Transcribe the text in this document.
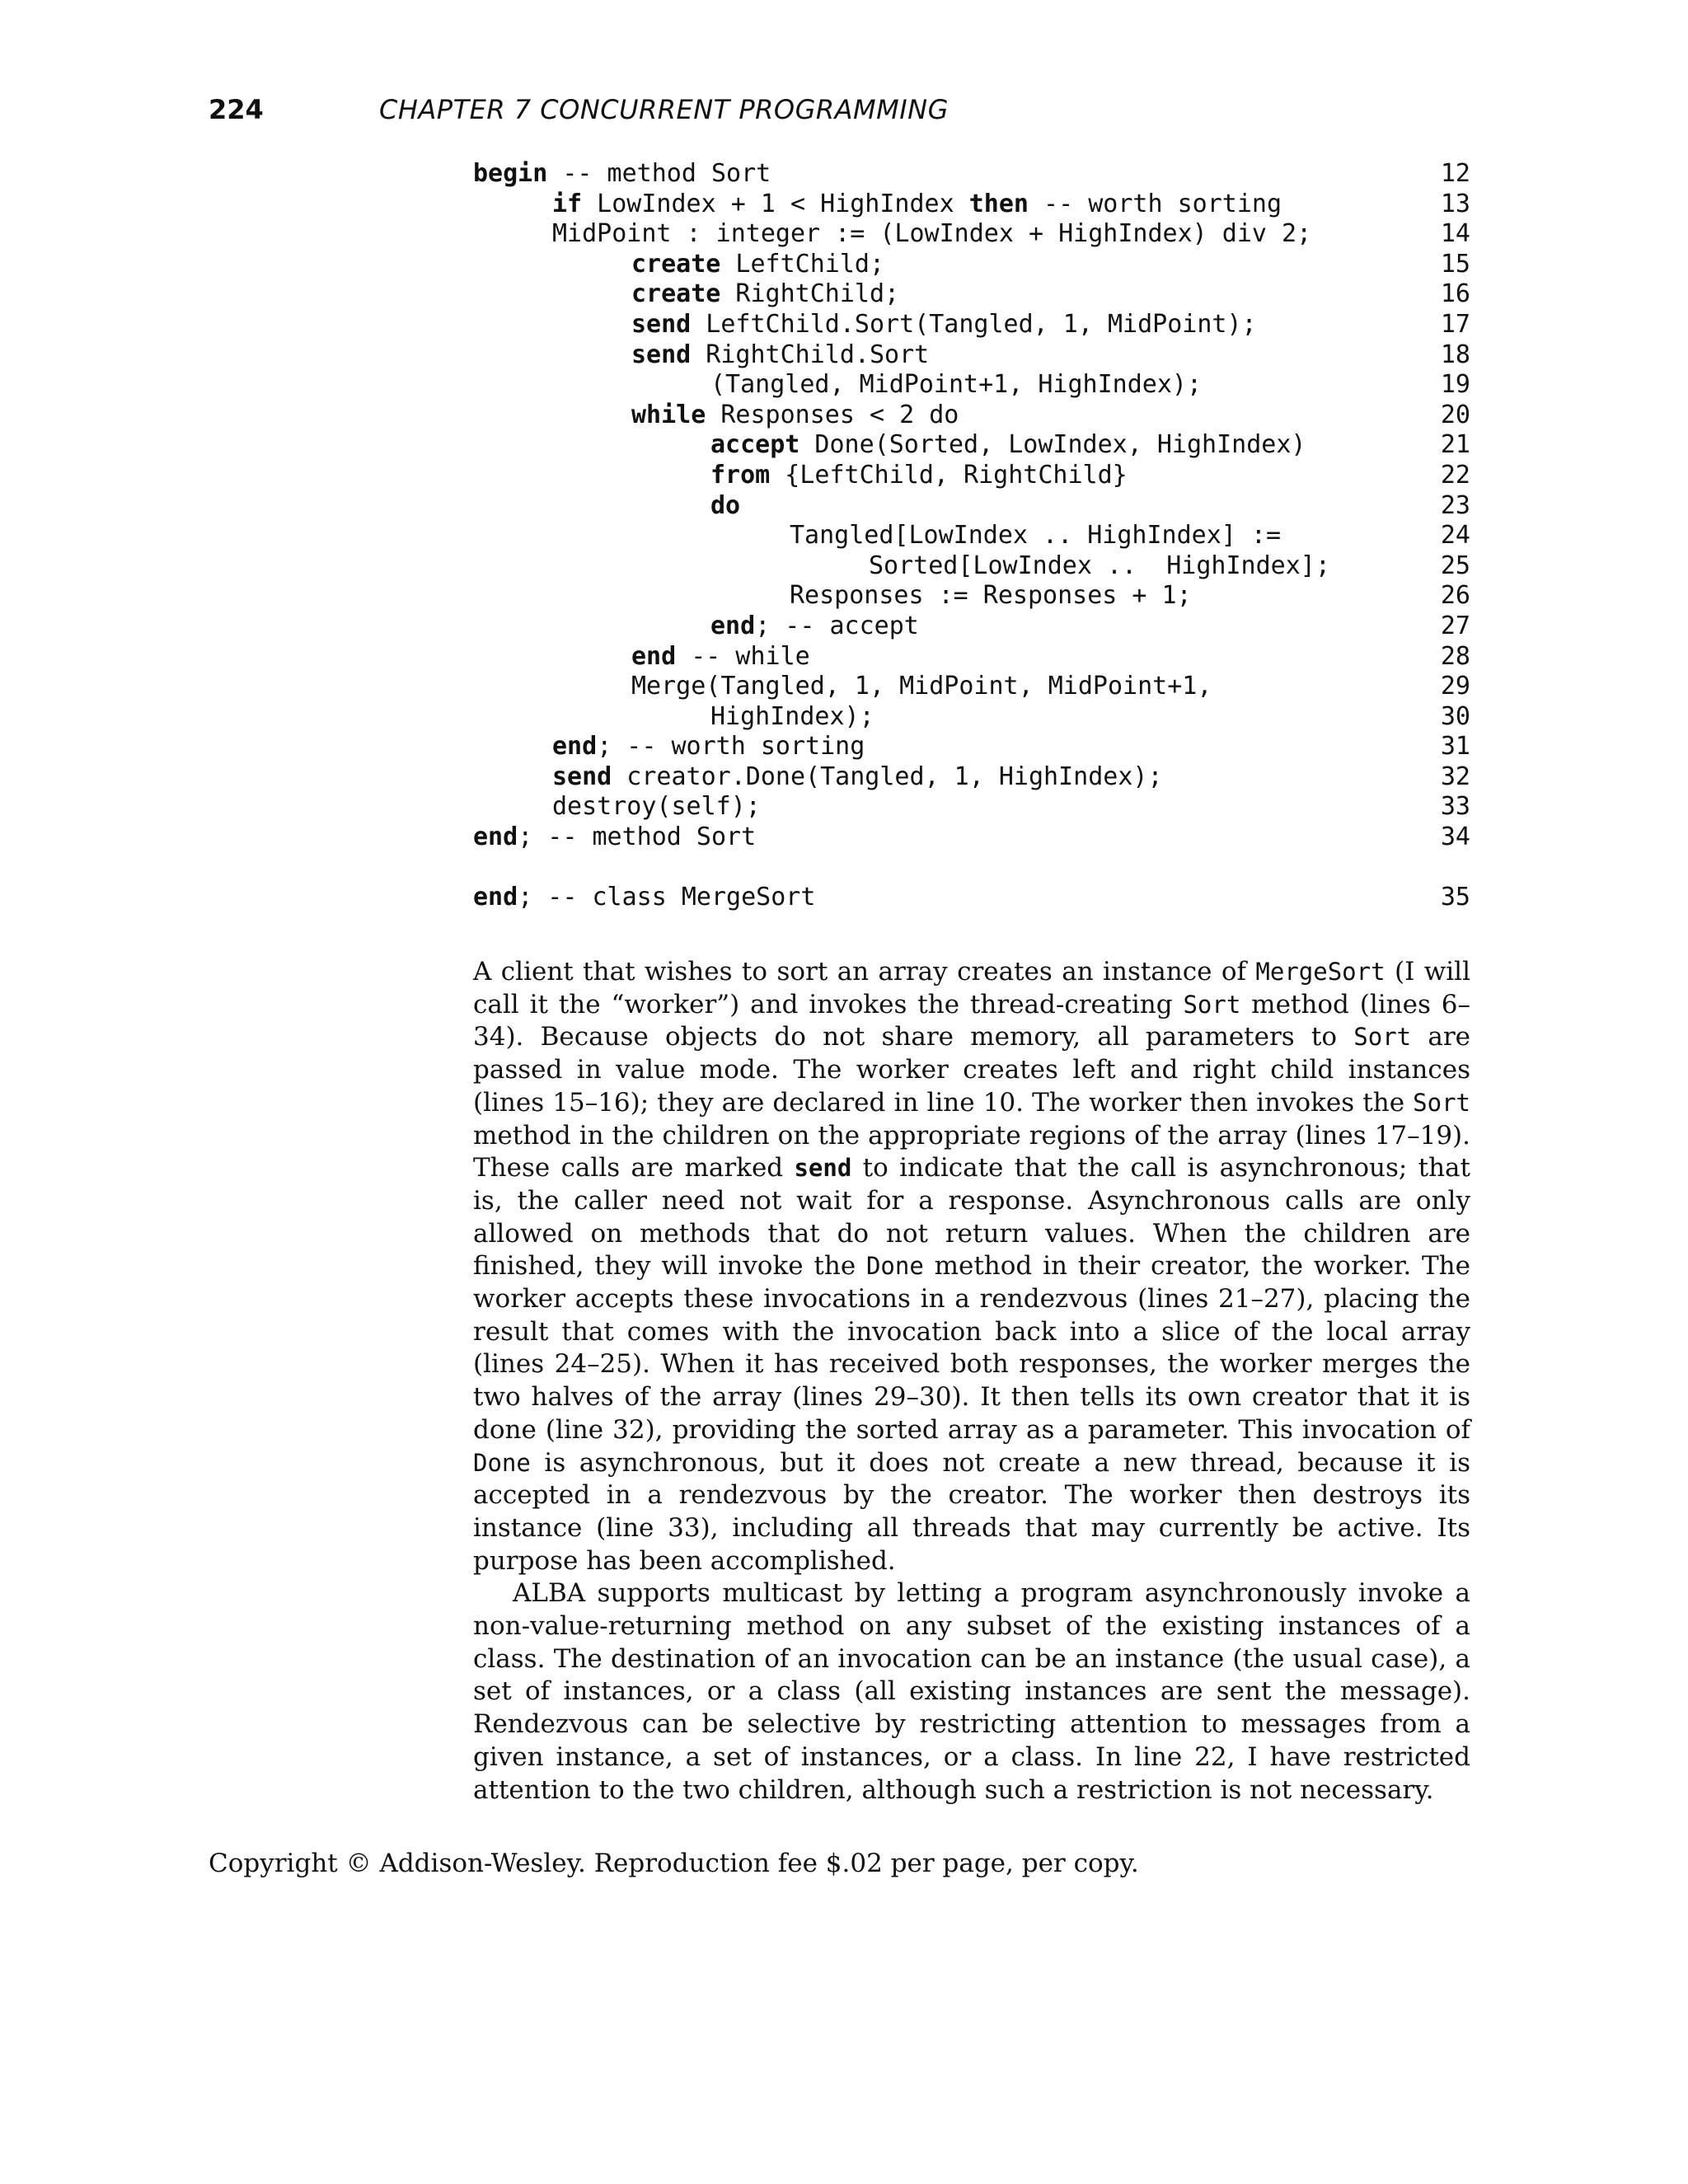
224	CHAPTER 7 CONCURRENT PROGRAMMING
begin -- method Sort	12
if LowIndex + 1 < HighIndex then -- worth sorting	13
MidPoint : integer := (LowIndex + HighIndex) div 2;	14
create LeftChild;	15
create RightChild;	16
send LeftChild.Sort(Tangled, 1, MidPoint);	17
send RightChild.Sort	18
(Tangled, MidPoint+1, HighIndex);	19
while Responses < 2 do	20
accept Done(Sorted, LowIndex, HighIndex)	21
from {LeftChild, RightChild}	22
do	23
Tangled[LowIndex .. HighIndex] :=	24
Sorted[LowIndex ..  HighIndex];	25
Responses := Responses + 1;	26
end; -- accept	27
end -- while	28
Merge(Tangled, 1, MidPoint, MidPoint+1,	29
HighIndex);	30
end; -- worth sorting	31
send creator.Done(Tangled, 1, HighIndex);	32
destroy(self);	33
end; -- method Sort	34
end; -- class MergeSort	35

A client that wishes to sort an array creates an instance of MergeSort (I will call it the “worker”) and invokes the thread-creating Sort method (lines 6–34). Because objects do not share memory, all parameters to Sort are passed in value mode. The worker creates left and right child instances (lines 15–16); they are declared in line 10. The worker then invokes the Sort method in the children on the appropriate regions of the array (lines 17–19). These calls are marked send to indicate that the call is asynchronous; that is, the caller need not wait for a response. Asynchronous calls are only allowed on methods that do not return values. When the children are finished, they will invoke the Done method in their creator, the worker. The worker accepts these invocations in a rendezvous (lines 21–27), placing the result that comes with the invocation back into a slice of the local array (lines 24–25). When it has received both responses, the worker merges the two halves of the array (lines 29–30). It then tells its own creator that it is done (line 32), providing the sorted array as a parameter. This invocation of Done is asynchronous, but it does not create a new thread, because it is accepted in a rendezvous by the creator. The worker then destroys its instance (line 33), including all threads that may currently be active. Its purpose has been accomplished.

ALBA supports multicast by letting a program asynchronously invoke a non-value-returning method on any subset of the existing instances of a class. The destination of an invocation can be an instance (the usual case), a set of instances, or a class (all existing instances are sent the message). Rendezvous can be selective by restricting attention to messages from a given instance, a set of instances, or a class. In line 22, I have restricted attention to the two children, although such a restriction is not necessary.

Copyright © Addison-Wesley. Reproduction fee $.02 per page, per copy.
